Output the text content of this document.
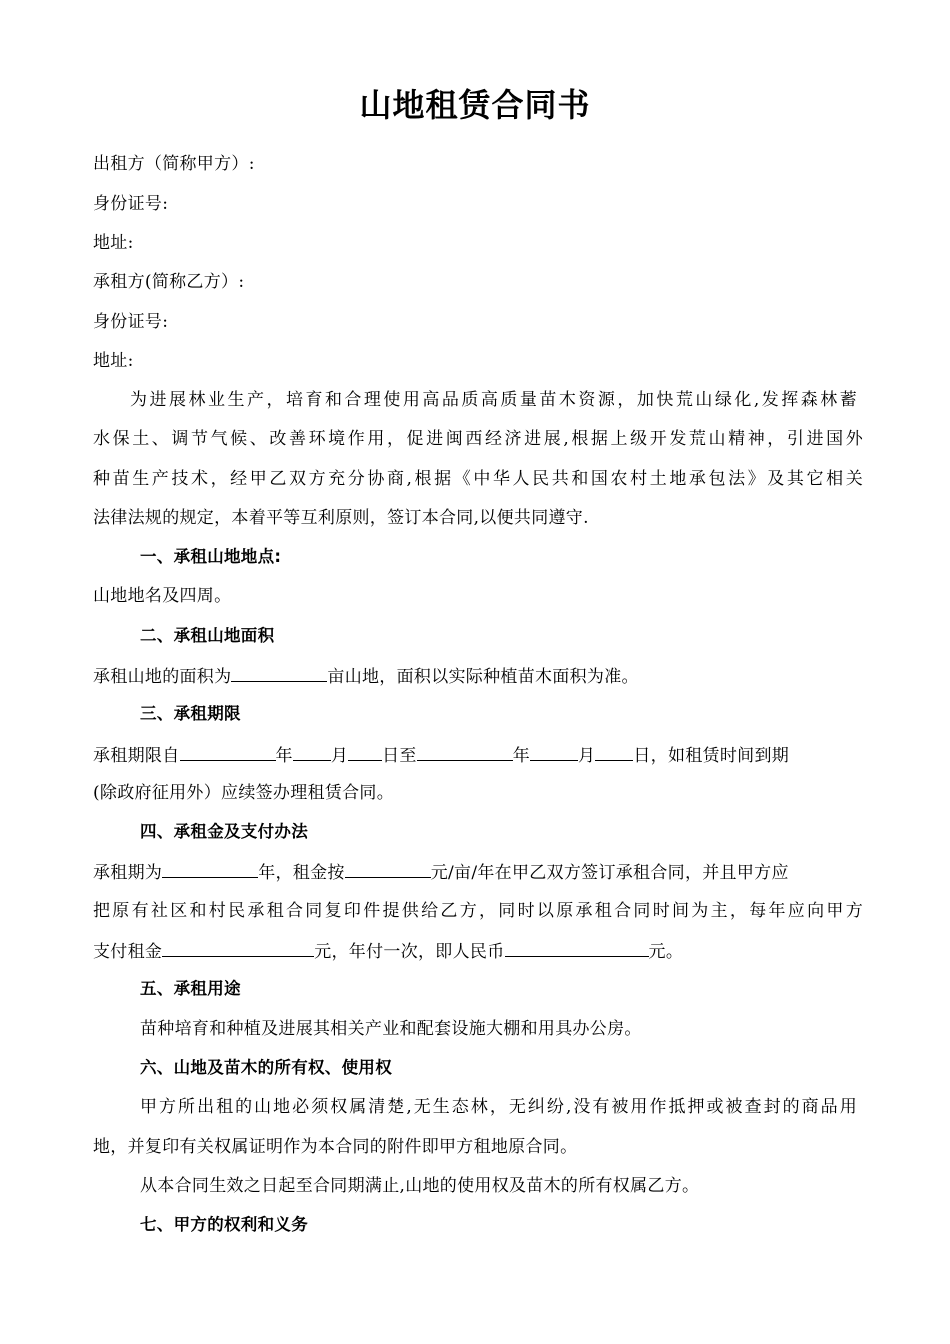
山地租赁合同书
出租方（简称甲方）:
身份证号:
地址:
承租方(简称乙方）:
身份证号:
地址:
为进展林业生产，培育和合理使用高品质高质量苗木资源，加快荒山绿化,发挥森林蓄
水保土、调节气候、改善环境作用，促进闽西经济进展,根据上级开发荒山精神，引进国外
种苗生产技术，经甲乙双方充分协商,根据《中华人民共和国农村土地承包法》及其它相关
法律法规的规定，本着平等互利原则，签订本合同,以便共同遵守.
一、承租山地地点:
山地地名及四周。
二、承租山地面积
承租山地的面积为	亩山地，面积以实际种植苗木面积为准。
三、承租期限
承租期限自	年 月 日至	年	月 日，如租赁时间到期
(除政府征用外）应续签办理租赁合同。
四、承租金及支付办法
承租期为	年，租金按	元/亩/年在甲乙双方签订承租合同，并且甲方应
把原有社区和村民承租合同复印件提供给乙方，同时以原承租合同时间为主，每年应向甲方
支付租金	元，年付一次，即人民币	元。
五、承租用途
苗种培育和种植及进展其相关产业和配套设施大棚和用具办公房。
六、山地及苗木的所有权、使用权
甲方所出租的山地必须权属清楚,无生态林，无纠纷,没有被用作抵押或被查封的商品用
地，并复印有关权属证明作为本合同的附件即甲方租地原合同。
从本合同生效之日起至合同期满止,山地的使用权及苗木的所有权属乙方。
七、甲方的权利和义务
